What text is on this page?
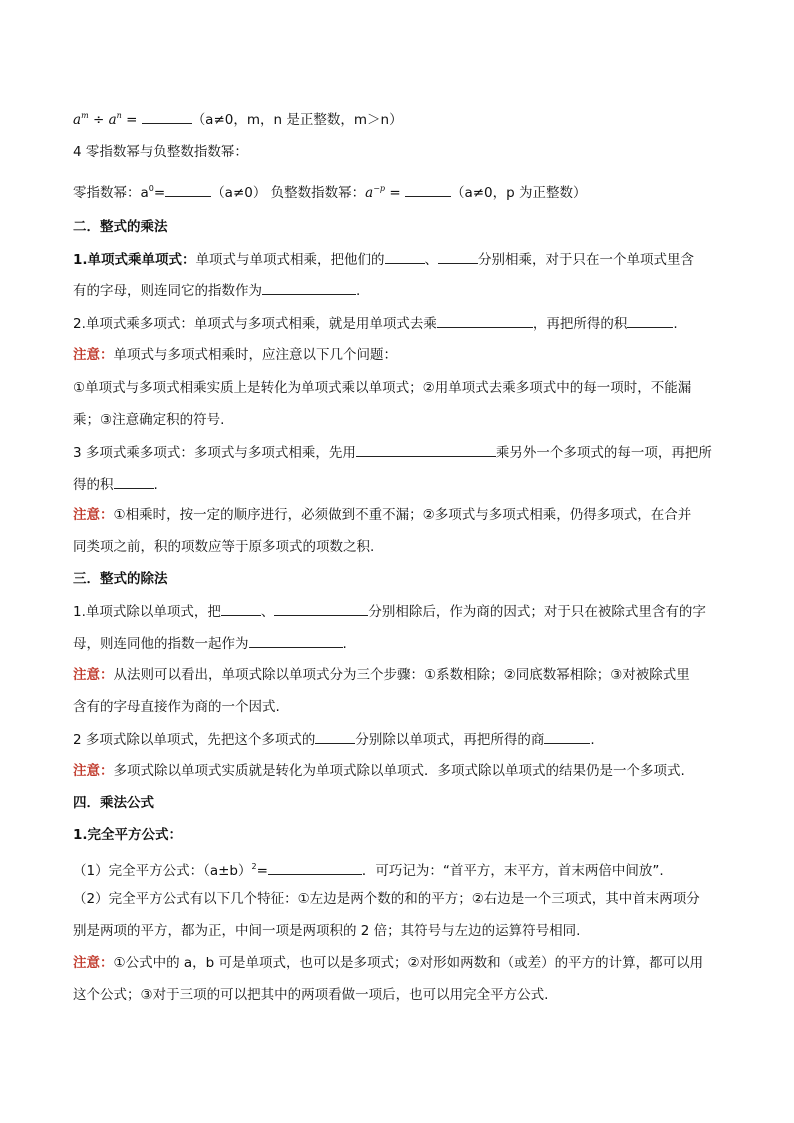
$a^m \div a^n$ =	（a≠0，m，n 是正整数，m＞n）
4 零指数幂与负整数指数幂：
零指数幂：$a^0=$	（a≠0） 负整数指数幂：$a^{-p}$ =	（a≠0，p 为正整数）
二．整式的乘法
1.单项式乘单项式：单项式与单项式相乘，把他们的	、	分别相乘，对于只在一个单项式里含
有的字母，则连同它的指数作为	.
2.单项式乘多项式：单项式与多项式相乘，就是用单项式去乘	，再把所得的积	.
注意：单项式与多项式相乘时，应注意以下几个问题：
①单项式与多项式相乘实质上是转化为单项式乘以单项式；②用单项式去乘多项式中的每一项时，不能漏
乘；③注意确定积的符号.
3 多项式乘多项式：多项式与多项式相乘，先用	乘另外一个多项式的每一项，再把所
得的积	.
注意：①相乘时，按一定的顺序进行，必须做到不重不漏；②多项式与多项式相乘，仍得多项式，在合并
同类项之前，积的项数应等于原多项式的项数之积.
三．整式的除法
1.单项式除以单项式，把	、	分别相除后，作为商的因式；对于只在被除式里含有的字
母，则连同他的指数一起作为	.
注意：从法则可以看出，单项式除以单项式分为三个步骤：①系数相除；②同底数幂相除；③对被除式里
含有的字母直接作为商的一个因式.
2 多项式除以单项式，先把这个多项式的	分别除以单项式，再把所得的商	.
注意：多项式除以单项式实质就是转化为单项式除以单项式．多项式除以单项式的结果仍是一个多项式.
四．乘法公式
1.完全平方公式：
（1）完全平方公式：$(a\pm b)^2=$	．可巧记为：“首平方，末平方，首末两倍中间放”.
（2）完全平方公式有以下几个特征：①左边是两个数的和的平方；②右边是一个三项式，其中首末两项分
别是两项的平方，都为正，中间一项是两项积的 2 倍；其符号与左边的运算符号相同.
注意：①公式中的 a，b 可是单项式，也可以是多项式；②对形如两数和（或差）的平方的计算，都可以用
这个公式；③对于三项的可以把其中的两项看做一项后，也可以用完全平方公式.
